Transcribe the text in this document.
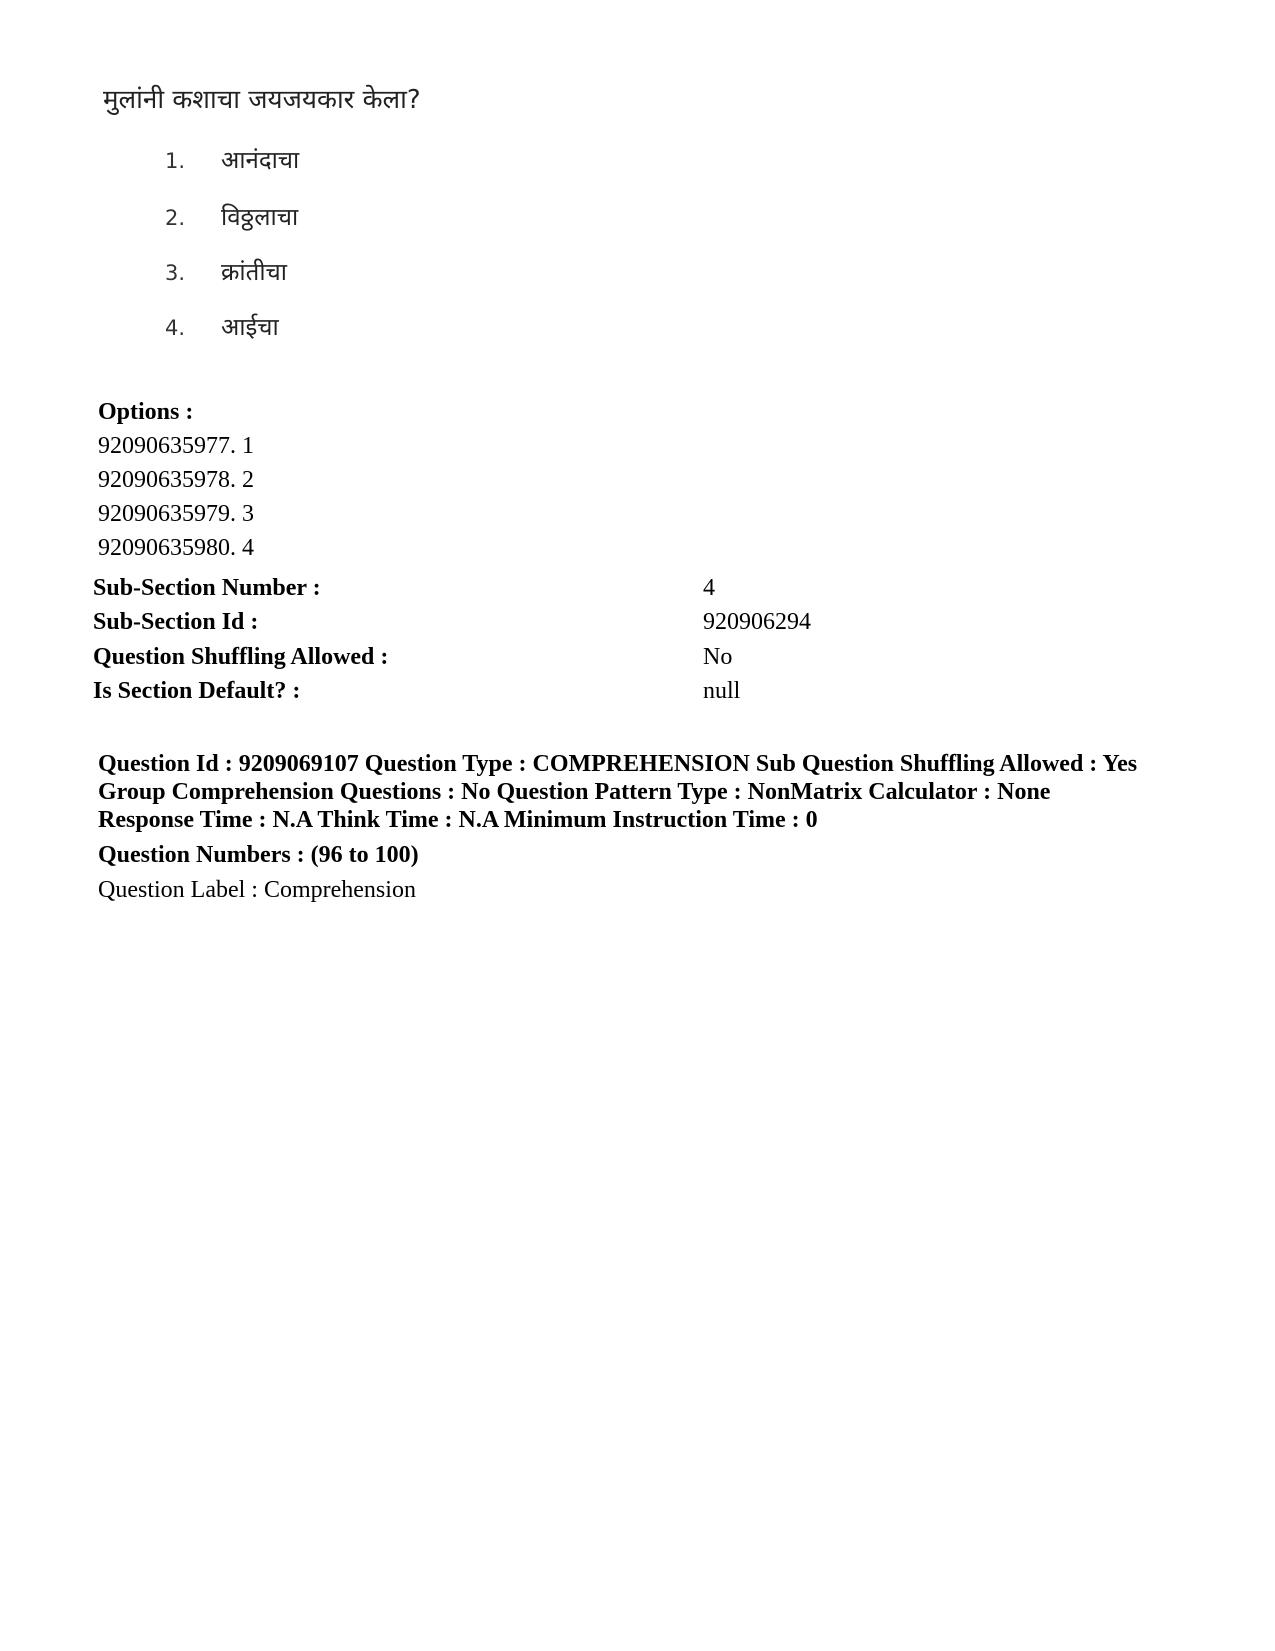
मुलांनी कशाचा जयजयकार केला?
1. आनंदाचा
2. विठ्ठलाचा
3. क्रांतीचा
4. आईचा
Options :
92090635977. 1
92090635978. 2
92090635979. 3
92090635980. 4
Sub-Section Number :	4
Sub-Section Id :	920906294
Question Shuffling Allowed :	No
Is Section Default? :	null
Question Id : 9209069107 Question Type : COMPREHENSION Sub Question Shuffling Allowed : Yes
Group Comprehension Questions : No Question Pattern Type : NonMatrix Calculator : None
Response Time : N.A Think Time : N.A Minimum Instruction Time : 0
Question Numbers : (96 to 100)
Question Label : Comprehension
